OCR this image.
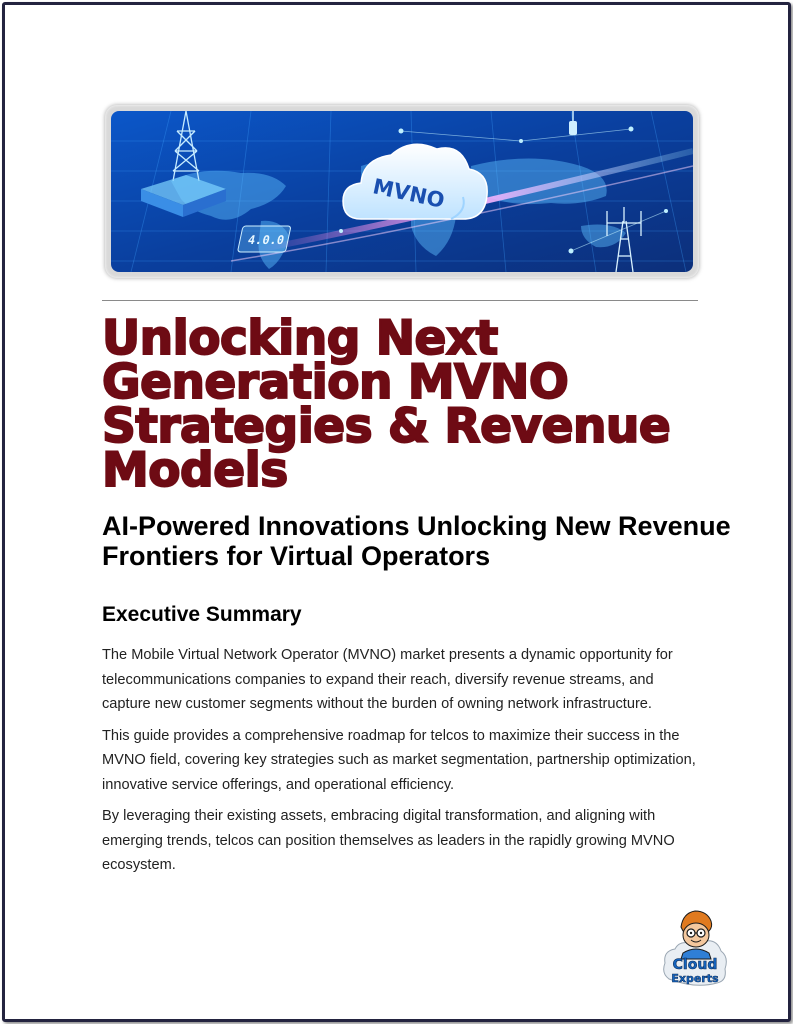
4.0.0
MVNO
Unlocking Next Generation MVNO Strategies & Revenue Models
AI-Powered Innovations Unlocking New Revenue Frontiers for Virtual Operators
Executive Summary

The Mobile Virtual Network Operator (MVNO) market presents a dynamic opportunity for telecommunications companies to expand their reach, diversify revenue streams, and capture new customer segments without the burden of owning network infrastructure.

This guide provides a comprehensive roadmap for telcos to maximize their success in the MVNO field, covering key strategies such as market segmentation, partnership optimization, innovative service offerings, and operational efficiency.

By leveraging their existing assets, embracing digital transformation, and aligning with emerging trends, telcos can position themselves as leaders in the rapidly growing MVNO ecosystem.

Cloud
Experts
